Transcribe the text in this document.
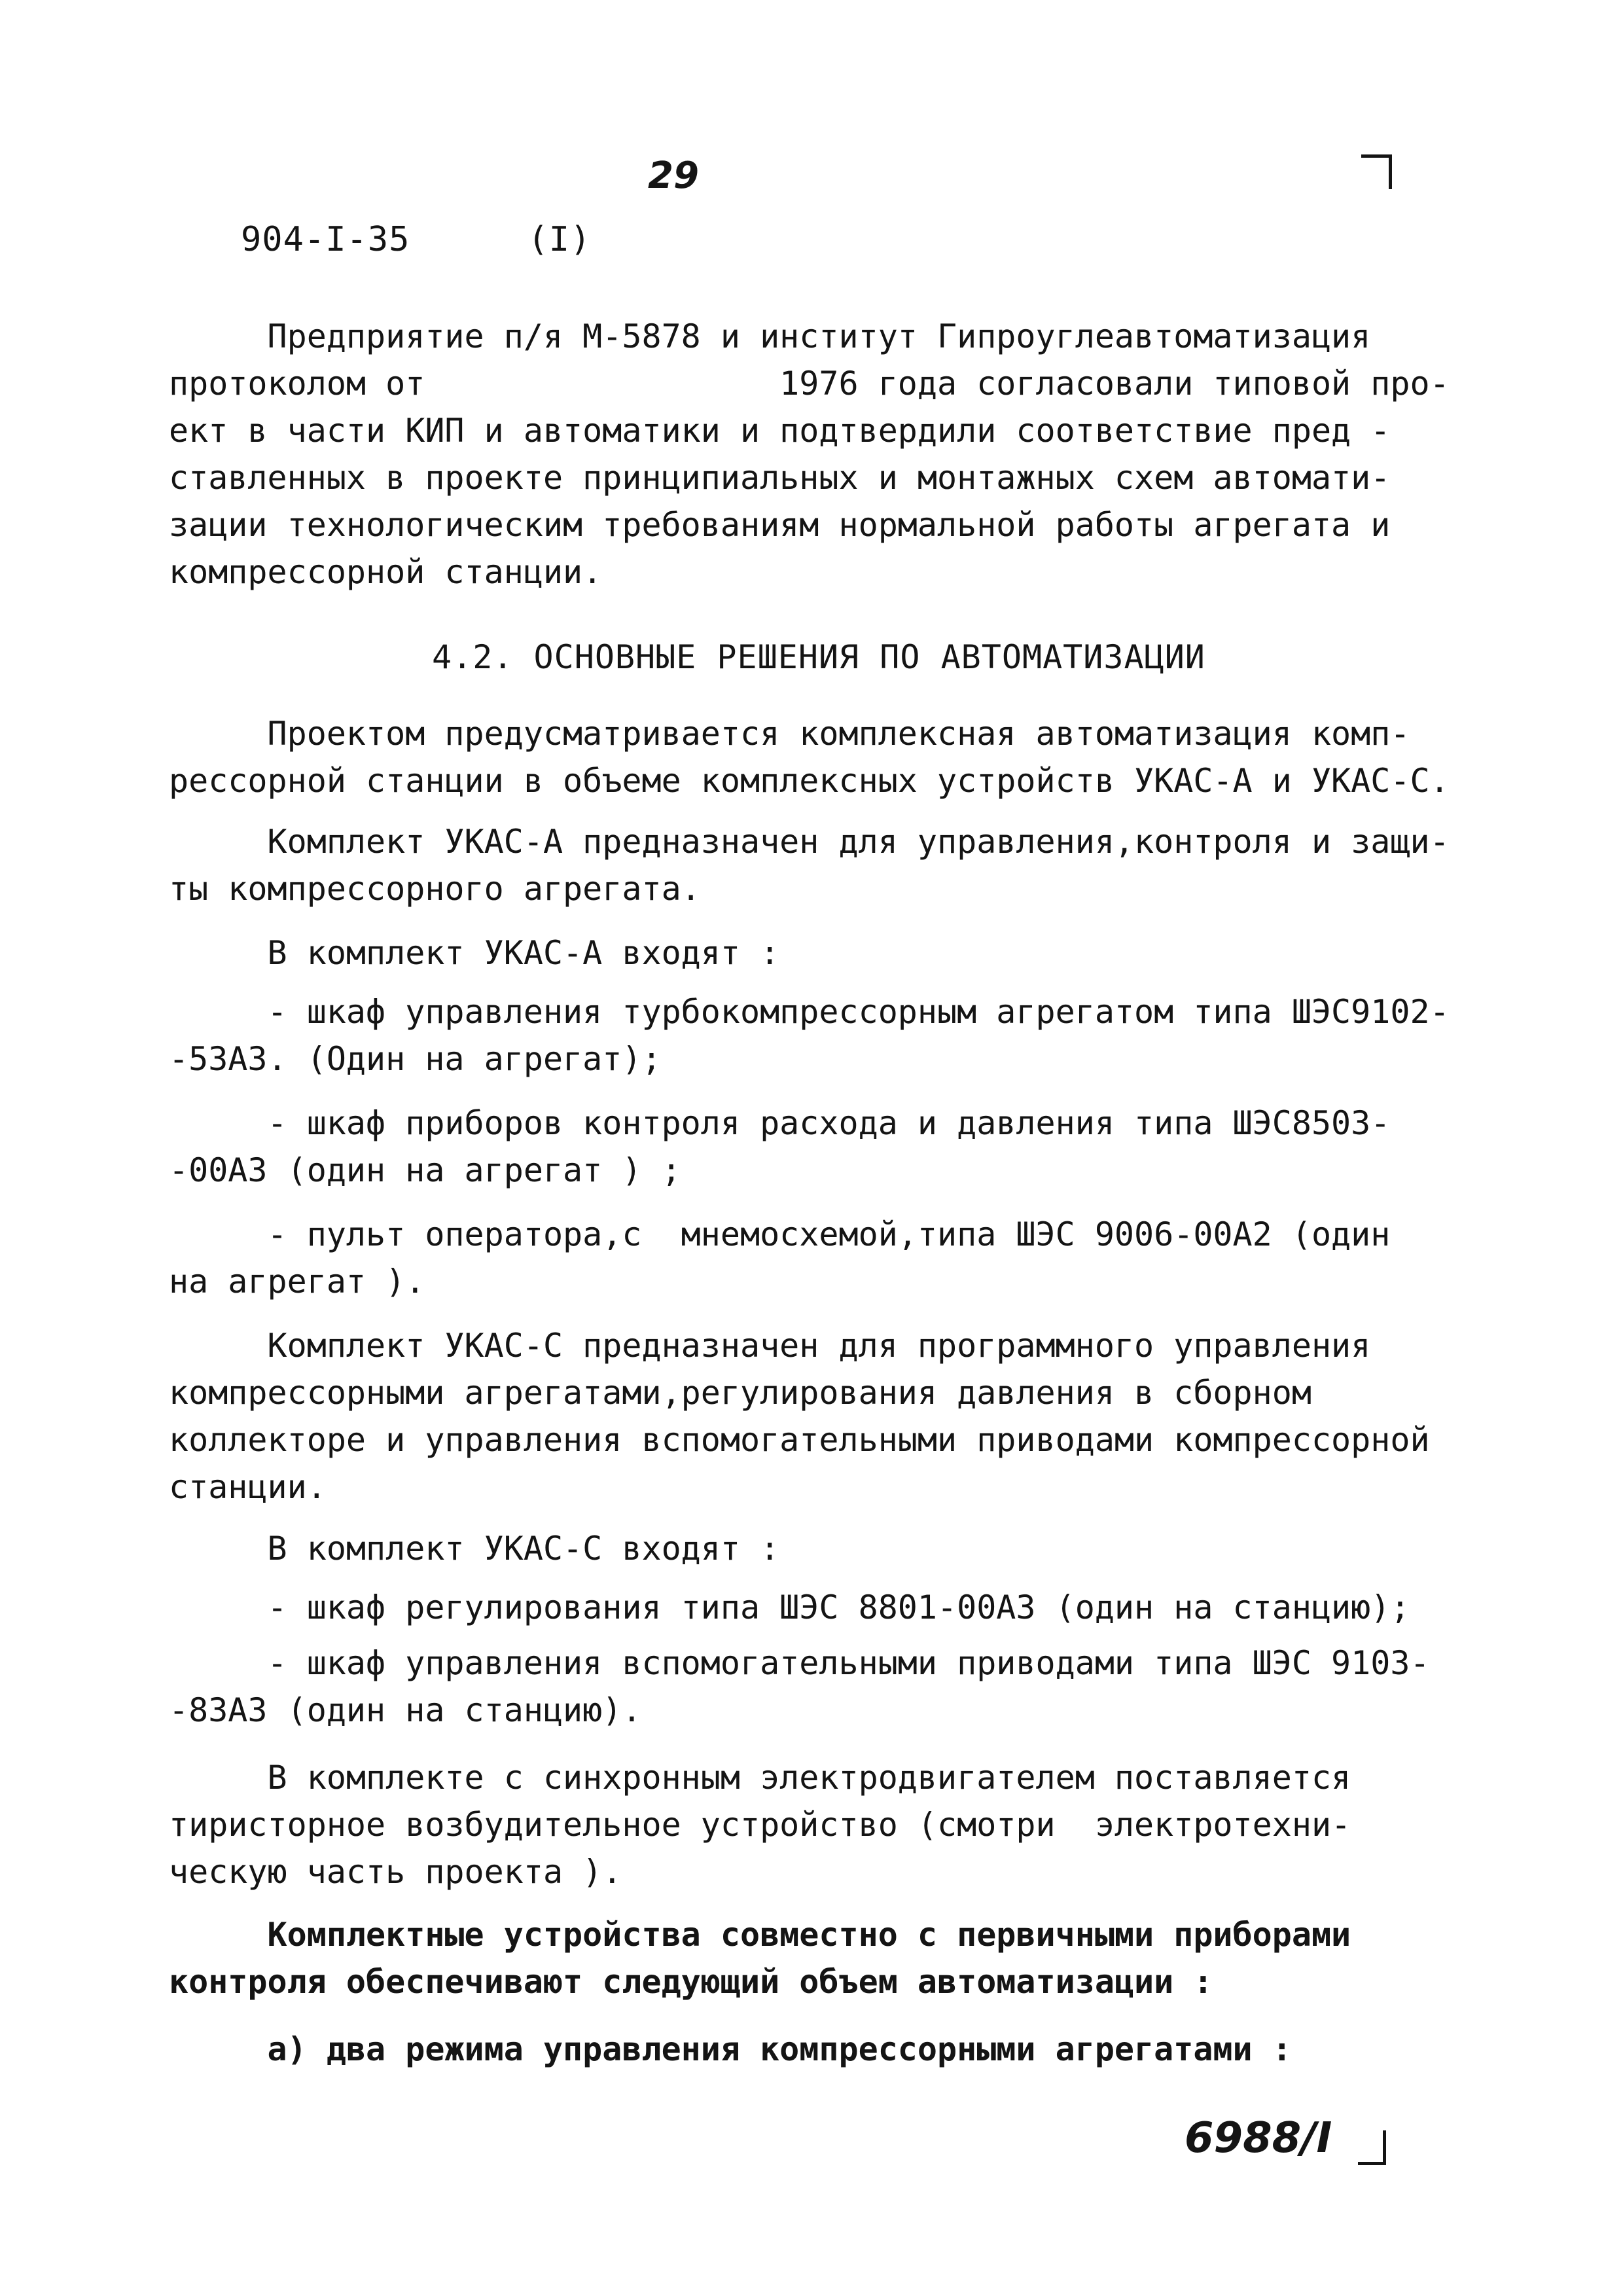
29
904-I-35	(I)
Предприятие п/я М-5878 и институт Гипроуглеавтоматизация
протоколом от                  1976 года согласовали типовой про-
ект в части КИП и автоматики и подтвердили соответствие пред -
ставленных в проекте принципиальных и монтажных схем автомати-
зации технологическим требованиям нормальной работы агрегата и
компрессорной станции.
4.2. ОСНОВНЫЕ РЕШЕНИЯ ПО АВТОМАТИЗАЦИИ
Проектом предусматривается комплексная автоматизация комп-
рессорной станции в объеме комплексных устройств УКАС-А и УКАС-С.
Комплект УКАС-А предназначен для управления,контроля и защи-
ты компрессорного агрегата.
В комплект УКАС-А входят :
- шкаф управления турбокомпрессорным агрегатом типа ШЭС9102-
-53А3. (Один на агрегат);
- шкаф приборов контроля расхода и давления типа ШЭС8503-
-00А3 (один на агрегат ) ;
- пульт оператора,с  мнемосхемой,типа ШЭС 9006-00А2 (один
на агрегат ).
Комплект УКАС-С предназначен для программного управления
компрессорными агрегатами,регулирования давления в сборном
коллекторе и управления вспомогательными приводами компрессорной
станции.
В комплект УКАС-С входят :
- шкаф регулирования типа ШЭС 8801-00А3 (один на станцию);
- шкаф управления вспомогательными приводами типа ШЭС 9103-
-83А3 (один на станцию).
В комплекте с синхронным электродвигателем поставляется
тиристорное возбудительное устройство (смотри  электротехни-
ческую часть проекта ).
Комплектные устройства совместно с первичными приборами
контроля обеспечивают следующий объем автоматизации :
а) два режима управления компрессорными агрегатами :
6988/I
